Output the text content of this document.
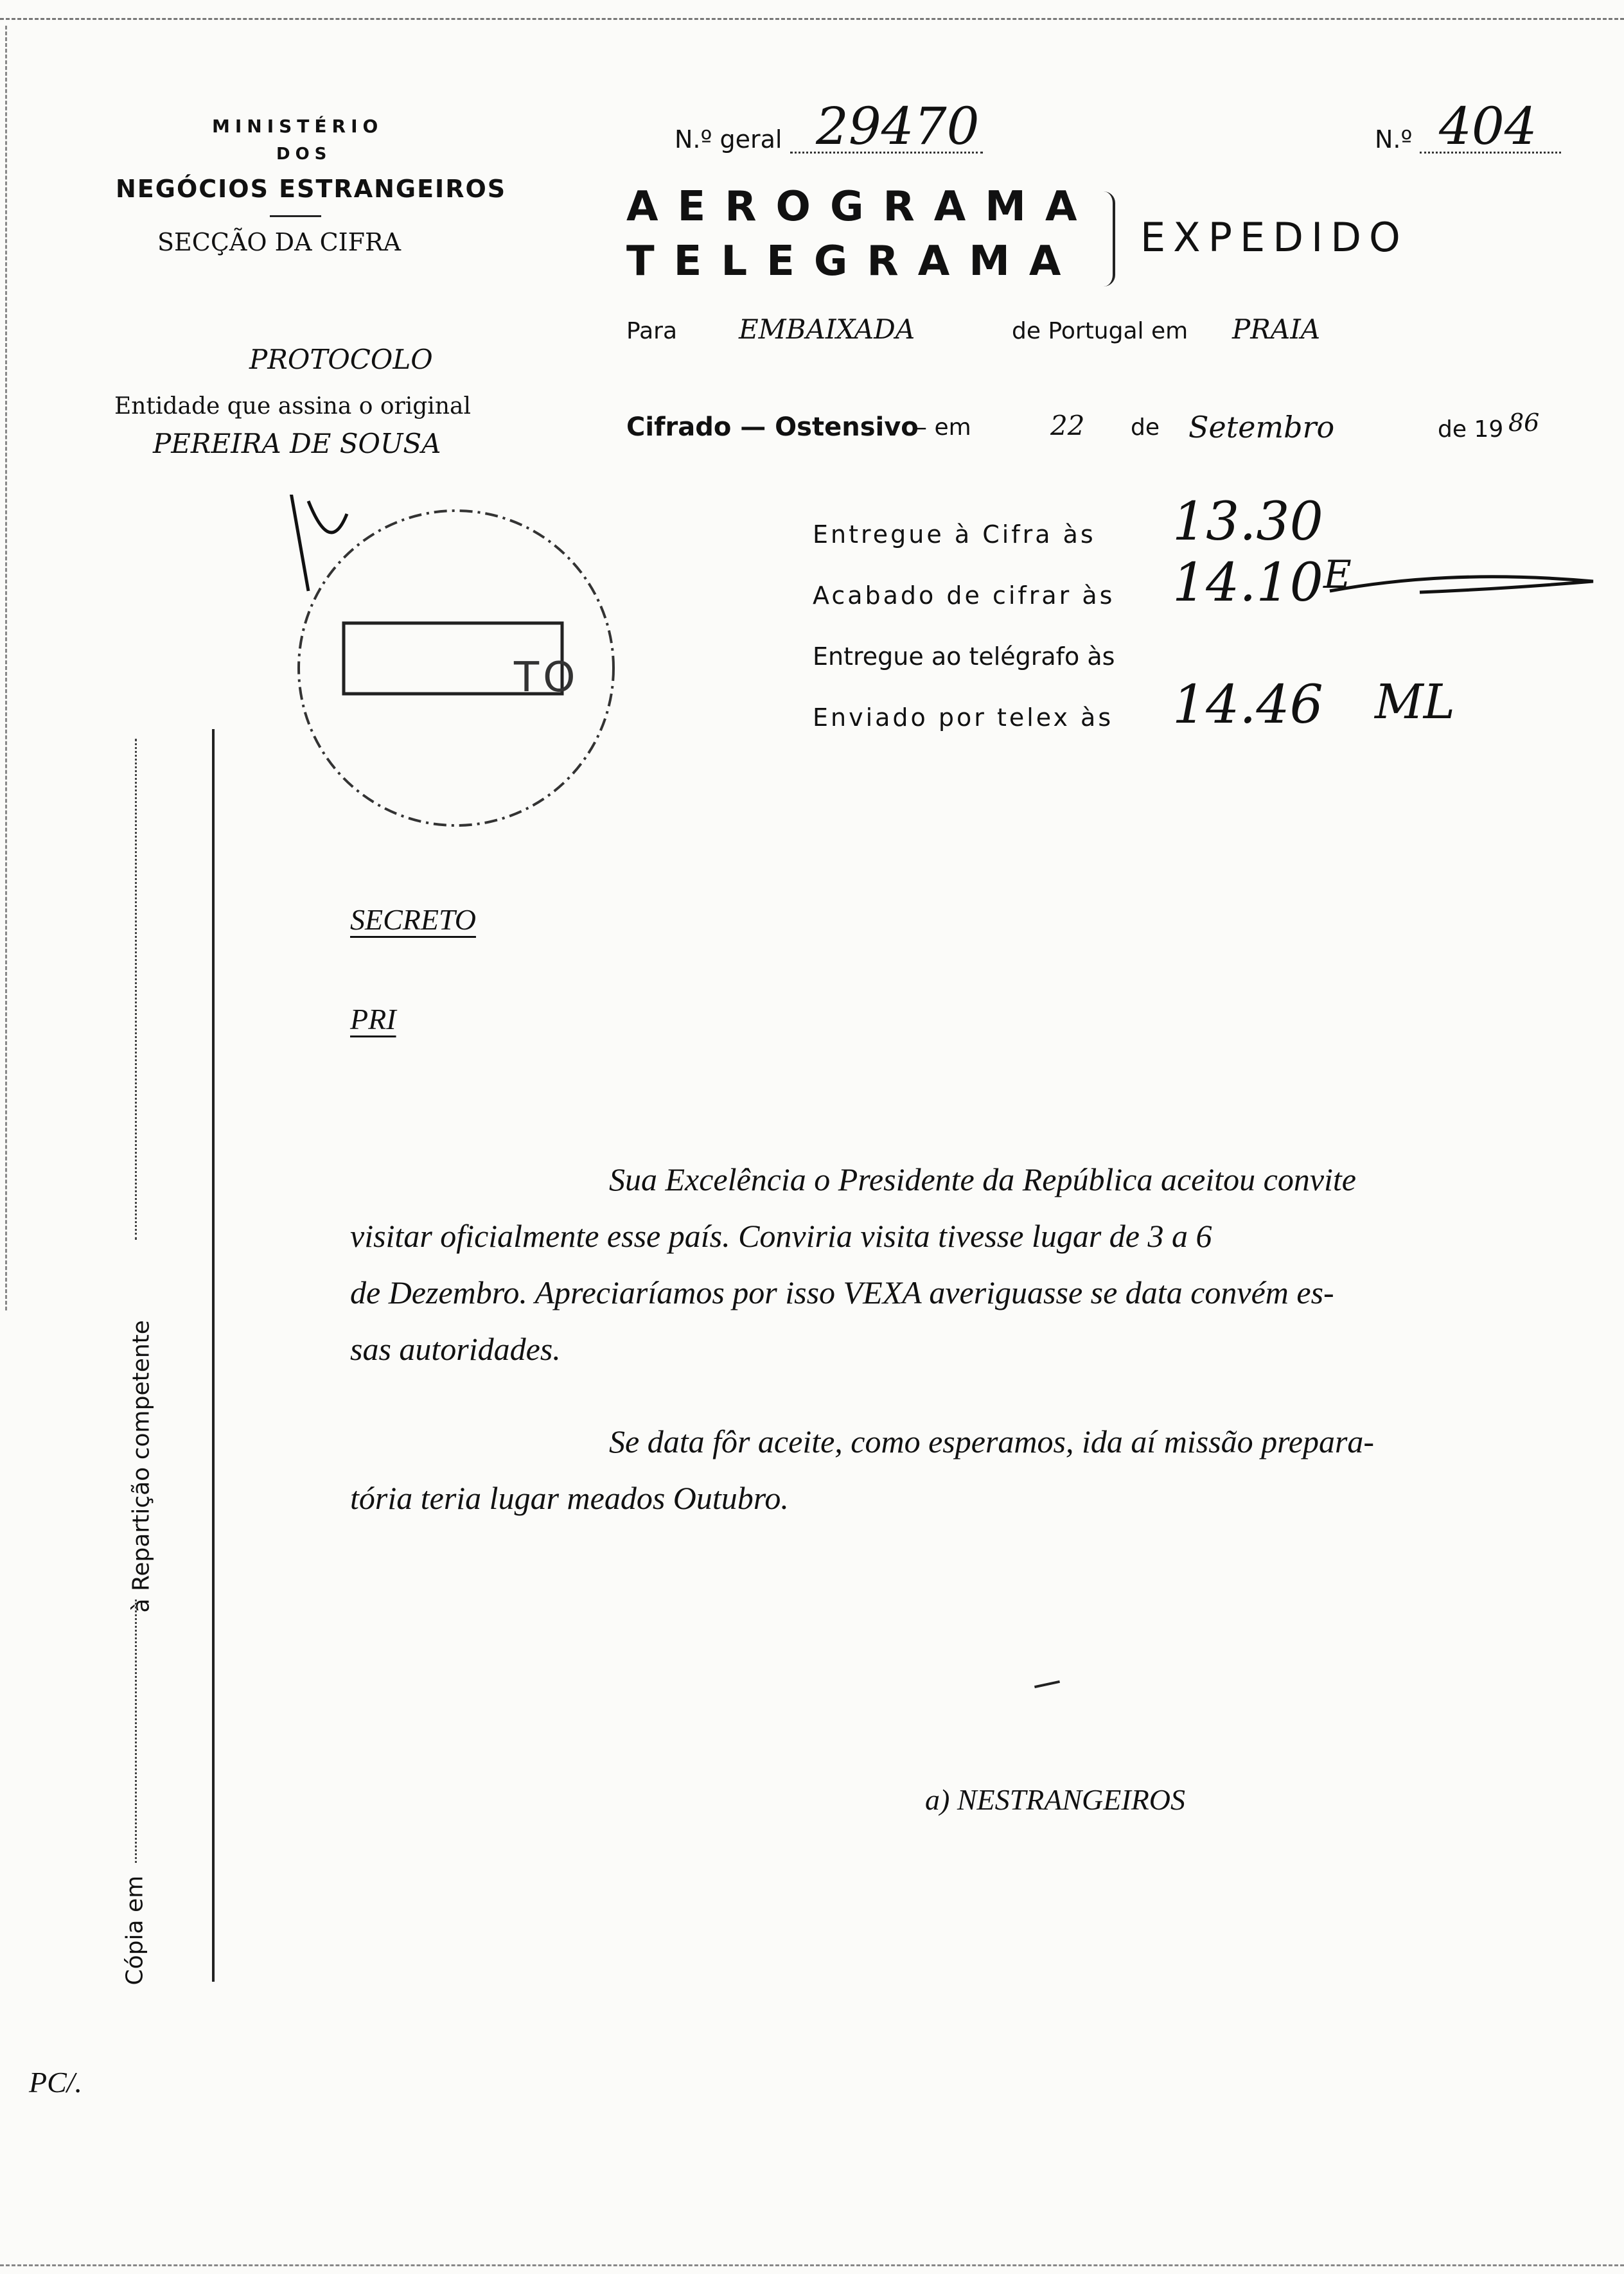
MINISTÉRIO
DOS
NEGÓCIOS ESTRANGEIROS
SECÇÃO DA CIFRA
PROTOCOLO
Entidade que assina o original
PEREIRA DE SOUSA
N.º geral 29470	N.º 404
AEROGRAMA
TELEGRAMA
EXPEDIDO
Para EMBAIXADA	de Portugal em PRAIA
Cifrado — Ostensivo
– em	22 de Setembro	de 19 86
Entregue à Cifra às 13.30
Acabado de cifrar às 14.10 E
Entregue ao telégrafo às
Enviado por telex às 14.46 ML
TO
à Repartição competente
Cópia em
SECRETO
PRI
Sua Excelência o Presidente da República aceitou convite
visitar oficialmente esse país. Conviria visita tivesse lugar de 3 a 6
de Dezembro. Apreciaríamos por isso VEXA averiguasse se data convém es-
sas autoridades.
Se data fôr aceite, como esperamos, ida aí missão prepara-
tória teria lugar meados Outubro.
a) NESTRANGEIROS
PC/.
